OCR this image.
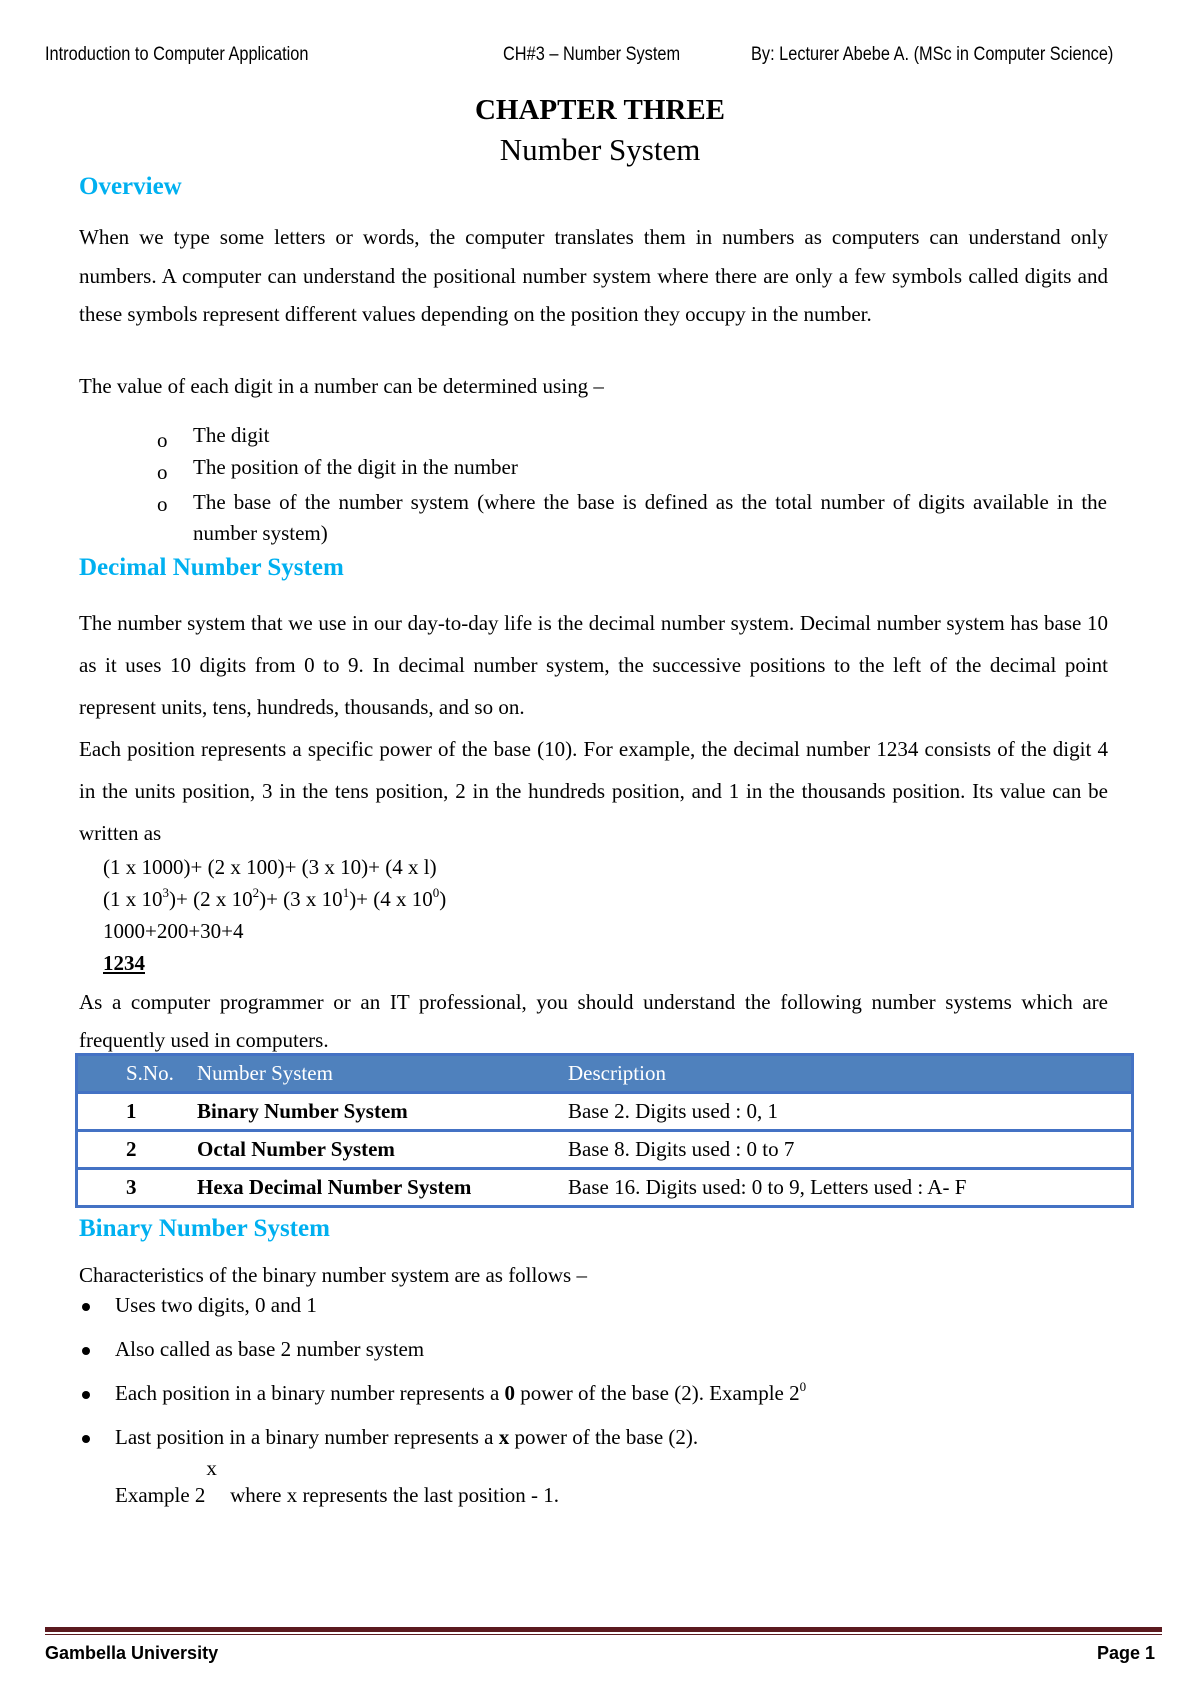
Introduction to Computer Application	CH#3 – Number System	By: Lecturer Abebe A. (MSc in Computer Science)
CHAPTER THREE
Number System
Overview
When we type some letters or words, the computer translates them in numbers as computers can understand only numbers. A computer can understand the positional number system where there are only a few symbols called digits and these symbols represent different values depending on the position they occupy in the number.
The value of each digit in a number can be determined using –
o The digit
o The position of the digit in the number
o The base of the number system (where the base is defined as the total number of digits available in the number system)
Decimal Number System
The number system that we use in our day-to-day life is the decimal number system. Decimal number system has base 10 as it uses 10 digits from 0 to 9. In decimal number system, the successive positions to the left of the decimal point represent units, tens, hundreds, thousands, and so on.
Each position represents a specific power of the base (10). For example, the decimal number 1234 consists of the digit 4 in the units position, 3 in the tens position, 2 in the hundreds position, and 1 in the thousands position. Its value can be written as
(1 x 1000)+ (2 x 100)+ (3 x 10)+ (4 x l)
(1 x $10^3)+ (2$ x $10^2)+ (3$ x $10^1)+ (4$ x $10^0$)
1000+200+30+4
1234
As a computer programmer or an IT professional, you should understand the following number systems which are frequently used in computers.
S.No.	Number System	Description
1	Binary Number System	Base 2. Digits used : 0, 1
2	Octal Number System	Base 8. Digits used : 0 to 7
3	Hexa Decimal Number System	Base 16. Digits used: 0 to 9, Letters used : A- F
Binary Number System
Characteristics of the binary number system are as follows –
Uses two digits, 0 and 1
Also called as base 2 number system
Each position in a binary number represents a 0 power of the base (2). Example $2^0$
Last position in a binary number represents a x power of the base (2).
Example 2x where x represents the last position - 1.
Gambella University	Page 1
